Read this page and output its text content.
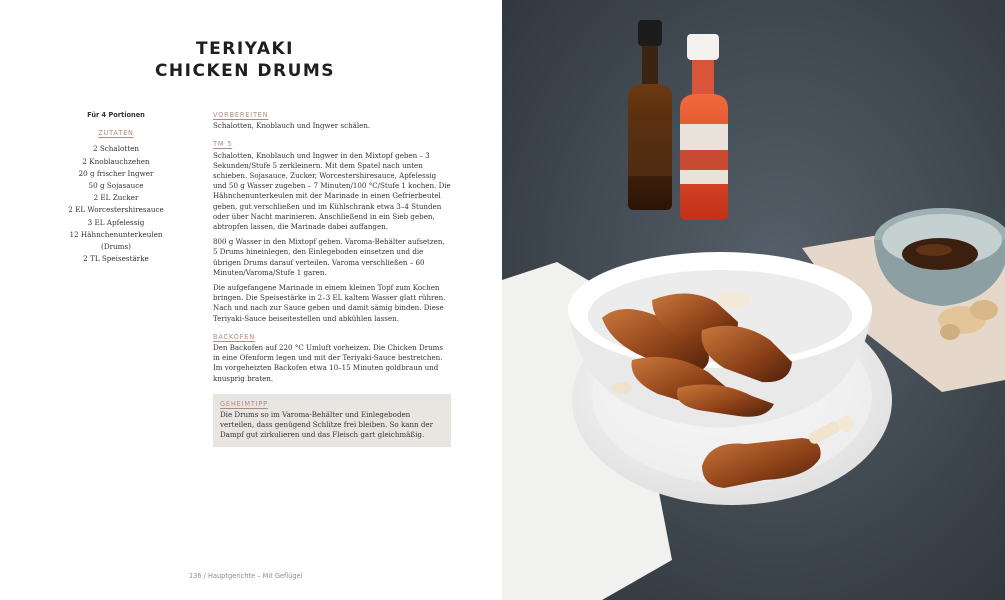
TERIYAKI
CHICKEN DRUMS
Für 4 Portionen
ZUTATEN
2 Schalotten
2 Knoblauchzehen
20 g frischer Ingwer
50 g Sojasauce
2 EL Zucker
2 EL Worcestershiresauce
3 EL Apfelessig
12 Hähnchenunterkeulen (Drums)
2 TL Speisestärke
VORBEREITEN

Schalotten, Knoblauch und Ingwer schälen.

TM 5

Schalotten, Knoblauch und Ingwer in den Mixtopf geben – 3 Sekunden/Stufe 5 zerkleinern. Mit dem Spatel nach unten schieben. Sojasauce, Zucker, Worcestershiresauce, Apfelessig und 50 g Wasser zugeben – 7 Minuten/100 °C/Stufe 1 kochen. Die Hähnchenunterkeulen mit der Marinade in einen Gefrierbeutel geben, gut verschließen und im Kühlschrank etwa 3–4 Stunden oder über Nacht marinieren. Anschließend in ein Sieb geben, abtropfen lassen, die Marinade dabei auffangen.

800 g Wasser in den Mixtopf geben. Varoma-Behälter aufsetzen, 5 Drums hineinlegen, den Einlegeboden einsetzen und die übrigen Drums darauf verteilen. Varoma verschließen – 60 Minuten/Varoma/Stufe 1 garen.

Die aufgefangene Marinade in einem kleinen Topf zum Kochen bringen. Die Speisestärke in 2–3 EL kaltem Wasser glatt rühren. Nach und nach zur Sauce geben und damit sämig binden. Diese Teriyaki-Sauce beiseitestellen und abkühlen lassen.

BACKOFEN

Den Backofen auf 220 °C Umluft vorheizen. Die Chicken Drums in eine Ofenform legen und mit der Teriyaki-Sauce bestreichen. Im vorgeheizten Backofen etwa 10–15 Minuten goldbraun und knusprig braten.

GEHEIMTIPP
Die Drums so im Varoma-Behälter und Einlegeboden verteilen, dass genügend Schlitze frei bleiben. So kann der Dampf gut zirkulieren und das Fleisch gart gleichmäßig.
136 / Hauptgerichte – Mit Geflügel
